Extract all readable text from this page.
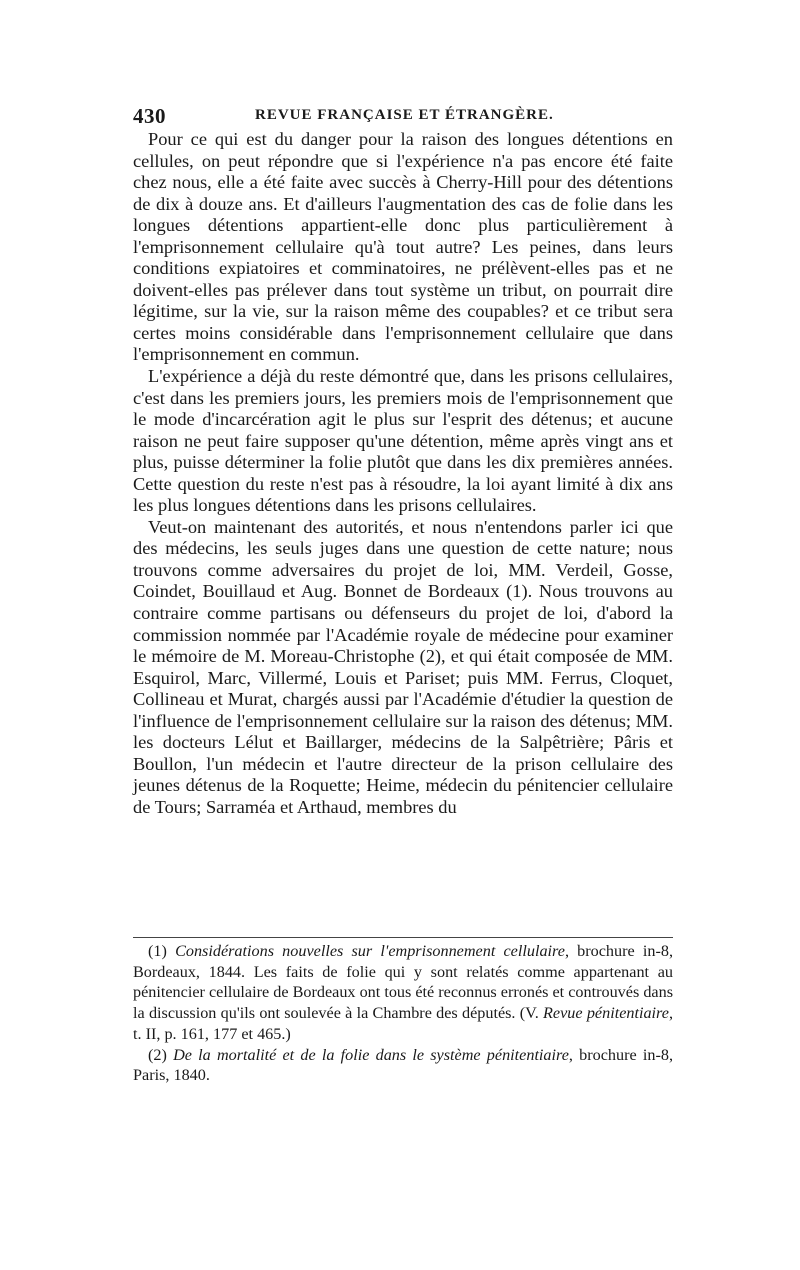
430	REVUE FRANÇAISE ET ÉTRANGÈRE.

Pour ce qui est du danger pour la raison des longues détentions en cellules, on peut répondre que si l'expérience n'a pas encore été faite chez nous, elle a été faite avec succès à Cherry-Hill pour des détentions de dix à douze ans. Et d'ailleurs l'augmentation des cas de folie dans les longues détentions appartient-elle donc plus particulièrement à l'emprisonnement cellulaire qu'à tout autre? Les peines, dans leurs conditions expiatoires et comminatoires, ne prélèvent-elles pas et ne doivent-elles pas prélever dans tout système un tribut, on pourrait dire légitime, sur la vie, sur la raison même des coupables? et ce tribut sera certes moins considérable dans l'emprisonnement cellulaire que dans l'emprisonnement en commun.

L'expérience a déjà du reste démontré que, dans les prisons cellulaires, c'est dans les premiers jours, les premiers mois de l'emprisonnement que le mode d'incarcération agit le plus sur l'esprit des détenus; et aucune raison ne peut faire supposer qu'une détention, même après vingt ans et plus, puisse déterminer la folie plutôt que dans les dix premières années. Cette question du reste n'est pas à résoudre, la loi ayant limité à dix ans les plus longues détentions dans les prisons cellulaires.

Veut-on maintenant des autorités, et nous n'entendons parler ici que des médecins, les seuls juges dans une question de cette nature; nous trouvons comme adversaires du projet de loi, MM. Verdeil, Gosse, Coindet, Bouillaud et Aug. Bonnet de Bordeaux (1). Nous trouvons au contraire comme partisans ou défenseurs du projet de loi, d'abord la commission nommée par l'Académie royale de médecine pour examiner le mémoire de M. Moreau-Christophe (2), et qui était composée de MM. Esquirol, Marc, Villermé, Louis et Pariset; puis MM. Ferrus, Cloquet, Collineau et Murat, chargés aussi par l'Académie d'étudier la question de l'influence de l'emprisonnement cellulaire sur la raison des détenus; MM. les docteurs Lélut et Baillarger, médecins de la Salpêtrière; Pâris et Boullon, l'un médecin et l'autre directeur de la prison cellulaire des jeunes détenus de la Roquette; Heime, médecin du pénitencier cellulaire de Tours; Sarraméa et Arthaud, membres du

(1) Considérations nouvelles sur l'emprisonnement cellulaire, brochure in-8, Bordeaux, 1844. Les faits de folie qui y sont relatés comme appartenant au pénitencier cellulaire de Bordeaux ont tous été reconnus erronés et controuvés dans la discussion qu'ils ont soulevée à la Chambre des députés. (V. Revue pénitentiaire, t. II, p. 161, 177 et 465.)

(2) De la mortalité et de la folie dans le système pénitentiaire, brochure in-8, Paris, 1840.
